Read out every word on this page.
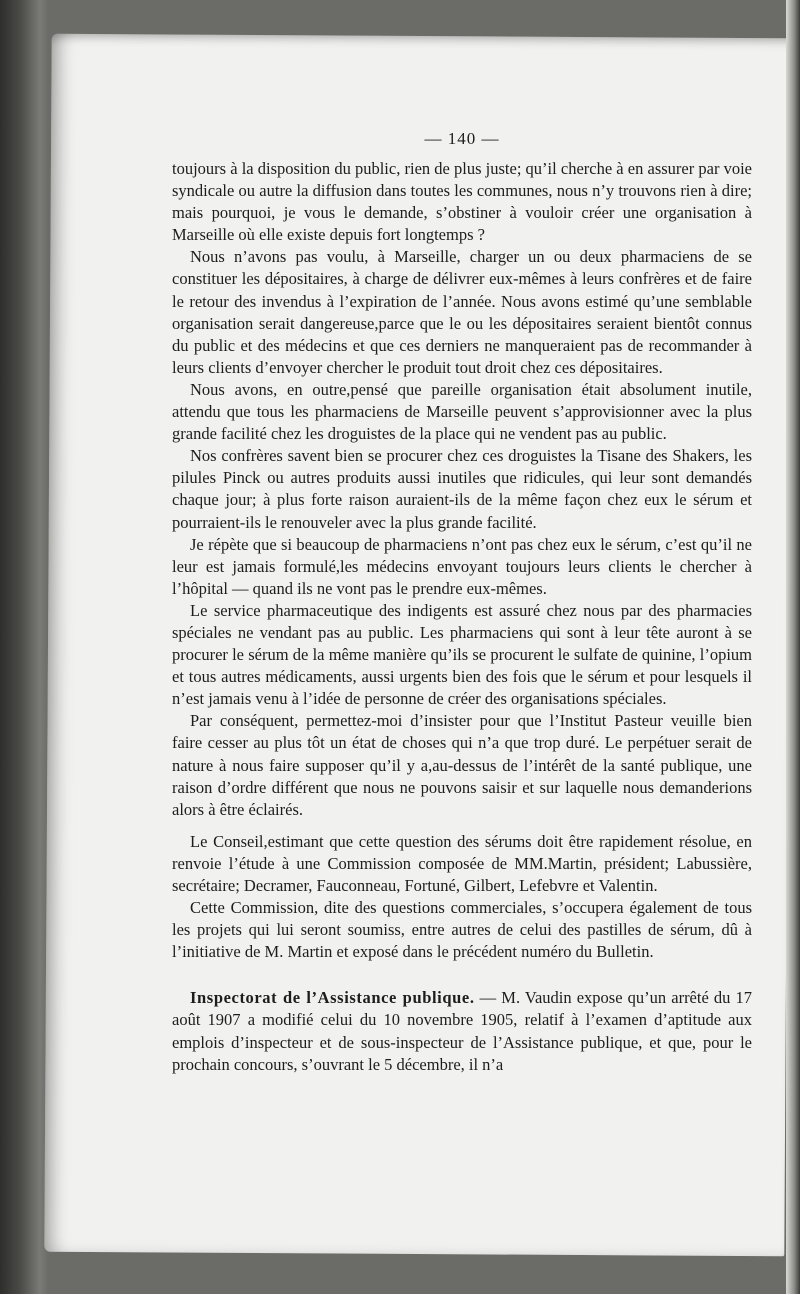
— 140 —

toujours à la disposition du public, rien de plus juste; qu’il cherche à en assurer par voie syndicale ou autre la diffusion dans toutes les communes, nous n’y trouvons rien à dire; mais pourquoi, je vous le demande, s’obstiner à vouloir créer une organisation à Marseille où elle existe depuis fort longtemps ?

Nous n’avons pas voulu, à Marseille, charger un ou deux pharmaciens de se constituer les dépositaires, à charge de délivrer eux-mêmes à leurs confrères et de faire le retour des invendus à l’expiration de l’année. Nous avons estimé qu’une semblable organisation serait dangereuse,parce que le ou les dépositaires seraient bientôt connus du public et des médecins et que ces derniers ne manqueraient pas de recommander à leurs clients d’envoyer chercher le produit tout droit chez ces dépositaires.

Nous avons, en outre,pensé que pareille organisation était absolument inutile, attendu que tous les pharmaciens de Marseille peuvent s’approvisionner avec la plus grande facilité chez les droguistes de la place qui ne vendent pas au public.

Nos confrères savent bien se procurer chez ces droguistes la Tisane des Shakers, les pilules Pinck ou autres produits aussi inutiles que ridicules, qui leur sont demandés chaque jour; à plus forte raison auraient-ils de la même façon chez eux le sérum et pourraient-ils le renouveler avec la plus grande facilité.

Je répète que si beaucoup de pharmaciens n’ont pas chez eux le sérum, c’est qu’il ne leur est jamais formulé,les médecins envoyant toujours leurs clients le chercher à l’hôpital — quand ils ne vont pas le prendre eux-mêmes.

Le service pharmaceutique des indigents est assuré chez nous par des pharmacies spéciales ne vendant pas au public. Les pharmaciens qui sont à leur tête auront à se procurer le sérum de la même manière qu’ils se procurent le sulfate de quinine, l’opium et tous autres médicaments, aussi urgents bien des fois que le sérum et pour lesquels il n’est jamais venu à l’idée de personne de créer des organisations spéciales.

Par conséquent, permettez-moi d’insister pour que l’Institut Pasteur veuille bien faire cesser au plus tôt un état de choses qui n’a que trop duré. Le perpétuer serait de nature à nous faire supposer qu’il y a,au-dessus de l’intérêt de la santé publique, une raison d’ordre différent que nous ne pouvons saisir et sur laquelle nous demanderions alors à être éclairés.

Le Conseil,estimant que cette question des sérums doit être rapidement résolue, en renvoie l’étude à une Commission composée de MM.Martin, président; Labussière, secrétaire; Decramer, Fauconneau, Fortuné, Gilbert, Lefebvre et Valentin.

Cette Commission, dite des questions commerciales, s’occupera également de tous les projets qui lui seront soumiss, entre autres de celui des pastilles de sérum, dû à l’initiative de M. Martin et exposé dans le précédent numéro du Bulletin.

Inspectorat de l’Assistance publique. — M. Vaudin expose qu’un arrêté du 17 août 1907 a modifié celui du 10 novembre 1905, relatif à l’examen d’aptitude aux emplois d’inspecteur et de sous-inspecteur de l’Assistance publique, et que, pour le prochain concours, s’ouvrant le 5 décembre, il n’a
